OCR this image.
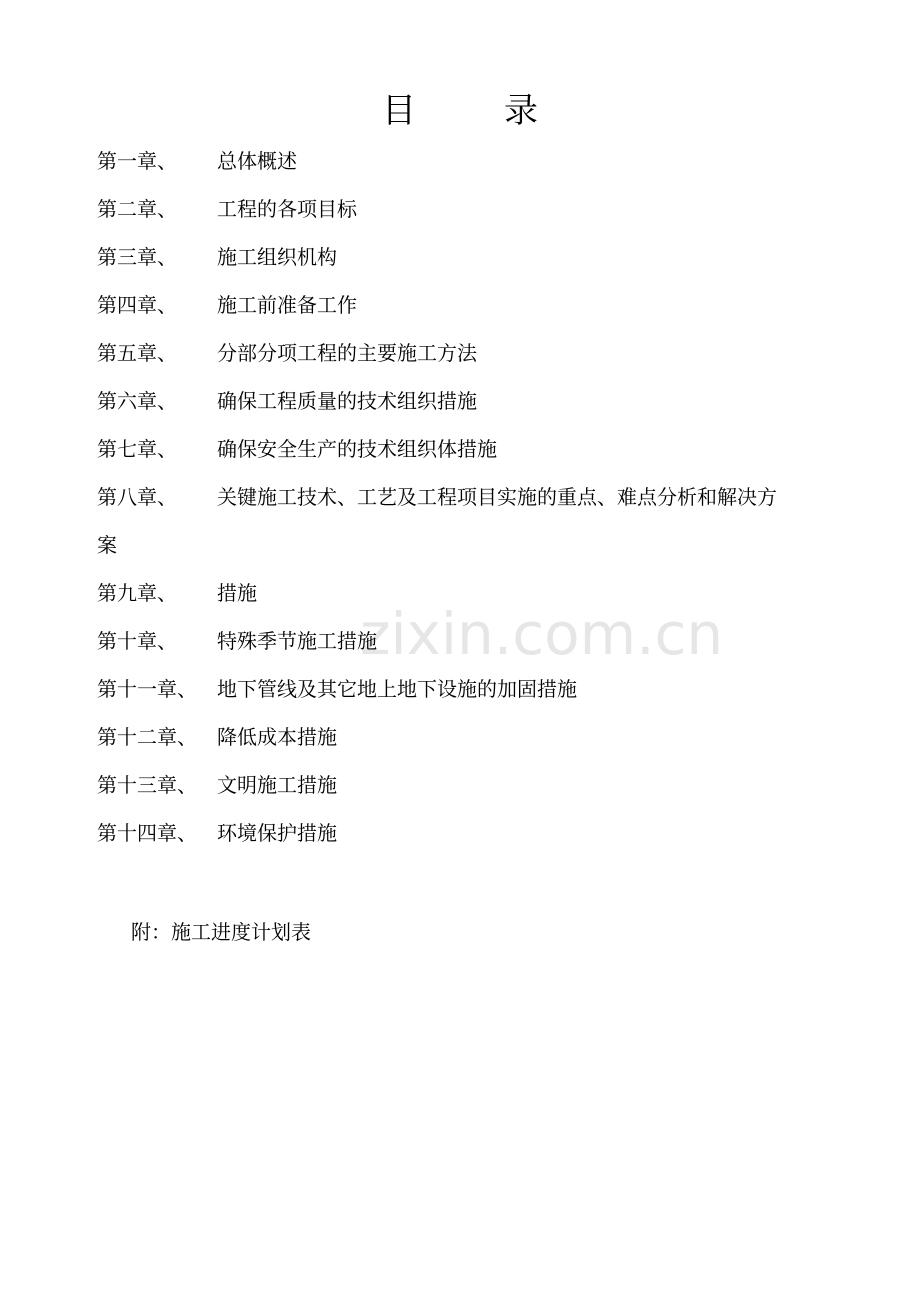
zixin.com.cn
目	录
第一章、 总体概述
第二章、 工程的各项目标
第三章、 施工组织机构
第四章、 施工前准备工作
第五章、 分部分项工程的主要施工方法
第六章、 确保工程质量的技术组织措施
第七章、 确保安全生产的技术组织体措施
第八章、 关键施工技术、工艺及工程项目实施的重点、难点分析和解决方
案
第九章、 措施
第十章、 特殊季节施工措施
第十一章、 地下管线及其它地上地下设施的加固措施
第十二章、 降低成本措施
第十三章、 文明施工措施
第十四章、 环境保护措施
附：施工进度计划表
